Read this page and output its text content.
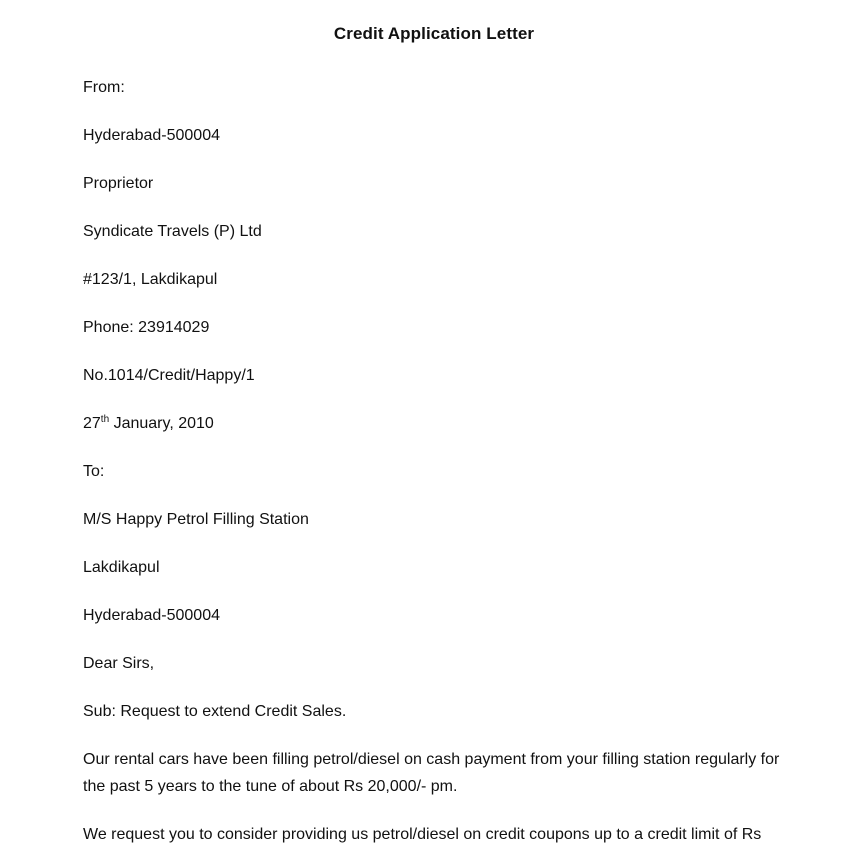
Credit Application Letter
From:
Hyderabad-500004
Proprietor
Syndicate Travels (P) Ltd
#123/1, Lakdikapul
Phone: 23914029
No.1014/Credit/Happy/1
27th January, 2010
To:
M/S Happy Petrol Filling Station
Lakdikapul
Hyderabad-500004
Dear Sirs,
Sub: Request to extend Credit Sales.
Our rental cars have been filling petrol/diesel on cash payment from your filling station regularly for the past 5 years to the tune of about Rs 20,000/- pm.
We request you to consider providing us petrol/diesel on credit coupons up to a credit limit of Rs
